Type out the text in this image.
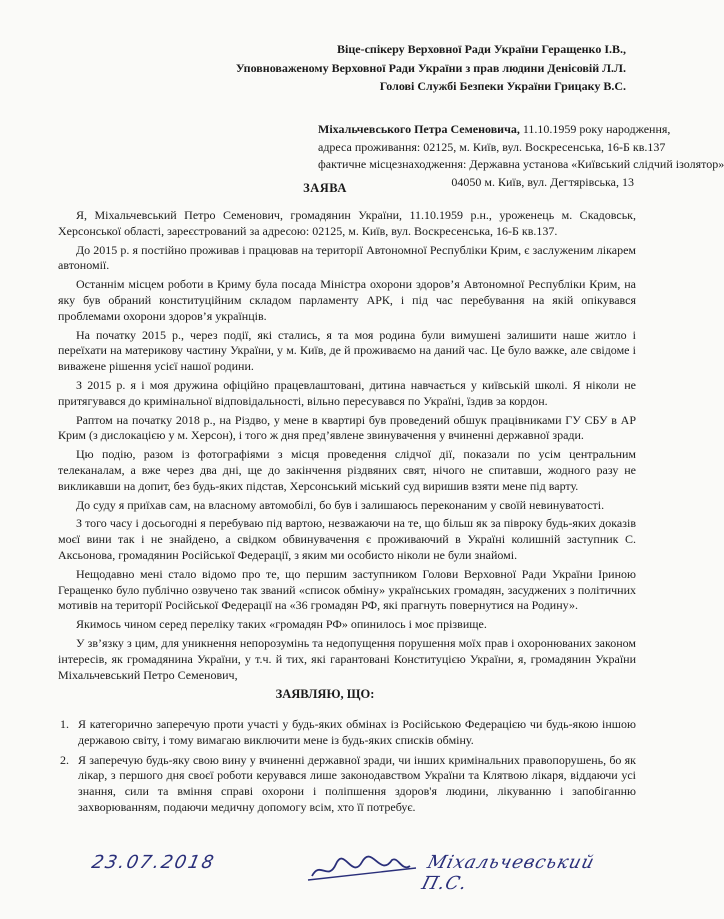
Віце-спікеру Верховної Ради України Геращенко І.В.,
Уповноваженому Верховної Ради України з прав людини Денісовій Л.Л.
Голові Службі Безпеки України Грицаку В.С.
Міхальчевського Петра Семеновича, 11.10.1959 року народження,
адреса проживання: 02125, м. Київ, вул. Воскресенська, 16-Б кв.137
фактичне місцезнаходження: Державна установа «Київський слідчий ізолятор»
04050 м. Київ, вул. Дегтярівська, 13
ЗАЯВА

Я, Міхальчевський Петро Семенович, громадянин України, 11.10.1959 р.н., уроженець м. Скадовськ, Херсонської області, зареєстрований за адресою: 02125, м. Київ, вул. Воскресенська, 16-Б кв.137.

До 2015 р. я постійно проживав і працював на території Автономної Республіки Крим, є заслуженим лікарем автономії.

Останнім місцем роботи в Криму була посада Міністра охорони здоров’я Автономної Республіки Крим, на яку був обраний конституційним складом парламенту АРК, і під час перебування на якій опікувався проблемами охорони здоров’я українців.

На початку 2015 р., через події, які стались, я та моя родина були вимушені залишити наше житло і переїхати на материкову частину України, у м. Київ, де й проживаємо на даний час. Це було важке, але свідоме і виважене рішення усієї нашої родини.

З 2015 р. я і моя дружина офіційно працевлаштовані, дитина навчається у київській школі. Я ніколи не притягувався до кримінальної відповідальності, вільно пересувався по Україні, їздив за кордон.

Раптом на початку 2018 р., на Різдво, у мене в квартирі був проведений обшук працівниками ГУ СБУ в АР Крим (з дислокацією у м. Херсон), і того ж дня пред’явлене звинувачення у вчиненні державної зради.

Цю подію, разом із фотографіями з місця проведення слідчої дії, показали по усім центральним телеканалам, а вже через два дні, ще до закінчення різдвяних свят, нічого не спитавши, жодного разу не викликавши на допит, без будь-яких підстав, Херсонський міський суд виришив взяти мене під варту.

До суду я приїхав сам, на власному автомобілі, бо був і залишаюсь переконаним у своїй невинуватості.

З того часу і досьогодні я перебуваю під вартою, незважаючи на те, що більш як за півроку будь-яких доказів моєї вини так і не знайдено, а свідком обвинувачення є проживаючий в Україні колишній заступник С. Аксьонова, громадянин Російської Федерації, з яким ми особисто ніколи не були знайомі.

Нещодавно мені стало відомо про те, що першим заступником Голови Верховної Ради України Іриною Геращенко було публічно озвучено так званий «список обміну» українських громадян, засуджених з політичних мотивів на території Російської Федерації на «36 громадян РФ, які прагнуть повернутися на Родину».

Якимось чином серед переліку таких «громадян РФ» опинилось і моє прізвище.

У зв’язку з цим, для уникнення непорозумінь та недопущення порушення моїх прав і охоронюваних законом інтересів, як громадянина України, у т.ч. й тих, які гарантовані Конституцією України, я, громадянин України Міхальчевський Петро Семенович,

ЗАЯВЛЯЮ, ЩО:
1. Я категорично заперечую проти участі у будь-яких обмінах із Російською Федерацією чи будь-якою іншою державою світу, і тому вимагаю виключити мене із будь-яких списків обміну.
2. Я заперечую будь-яку свою вину у вчиненні державної зради, чи інших кримінальних правопорушень, бо як лікар, з першого дня своєї роботи керувався лише законодавством України та Клятвою лікаря, віддаючи усі знання, сили та вміння справі охорони і поліпшення здоров'я людини, лікуванню і запобіганню захворюванням, подаючи медичну допомогу всім, хто її потребує.
23.07.2018	Міхальчевський П.С.
